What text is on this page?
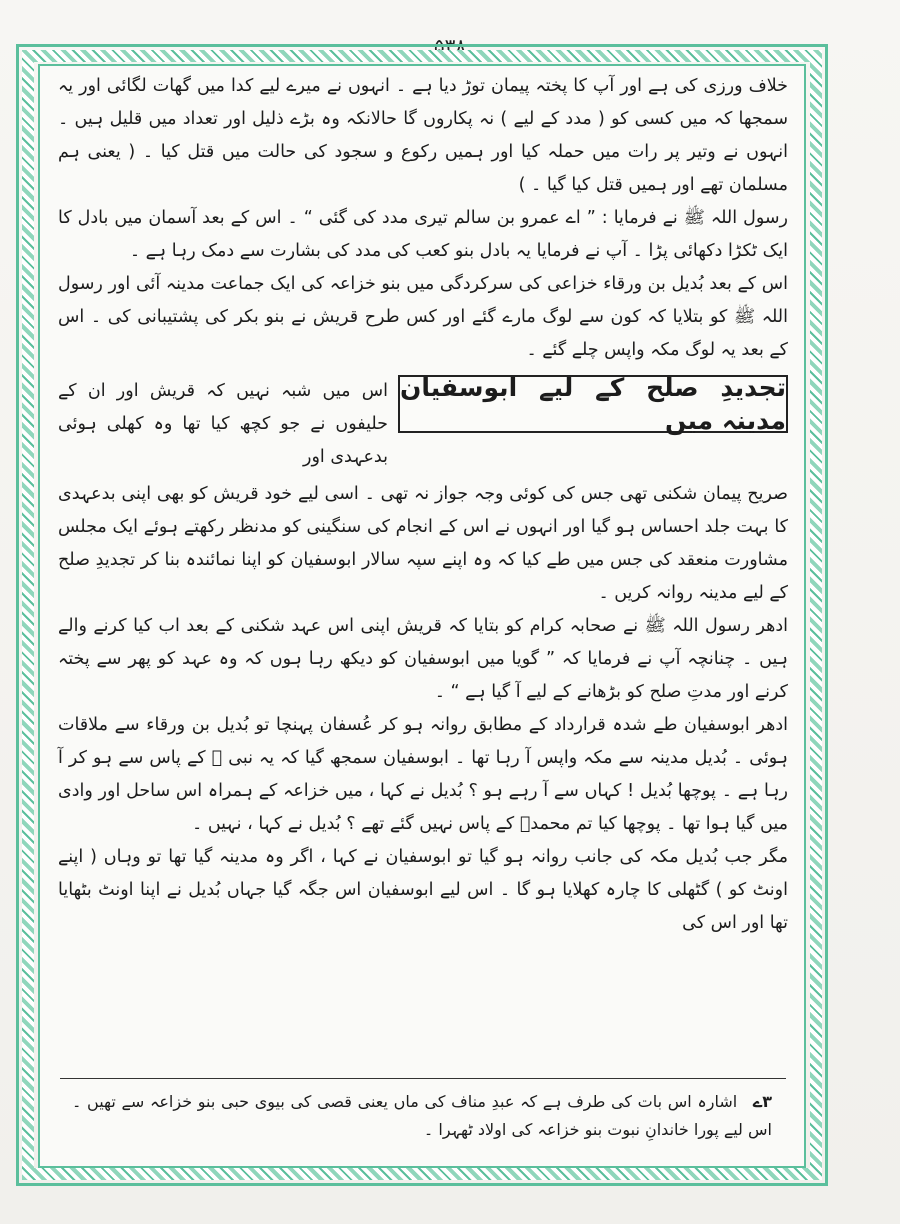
۵۳۸

خلاف ورزی کی ہے اور آپ کا پختہ پیمان توڑ دیا ہے ۔ انہوں نے میرے لیے کدا میں گھات لگائی اور یہ سمجھا کہ میں کسی کو ( مدد کے لیے ) نہ پکاروں گا حالانکہ وہ بڑے ذلیل اور تعداد میں قلیل ہیں ۔ انہوں نے وتیر پر رات میں حملہ کیا اور ہمیں رکوع و سجود کی حالت میں قتل کیا ۔ ( یعنی ہم مسلمان تھے اور ہمیں قتل کیا گیا ۔ )

رسول اللہ ﷺ نے فرمایا : ” اے عمرو بن سالم تیری مدد کی گئی “ ۔ اس کے بعد آسمان میں بادل کا ایک ٹکڑا دکھائی پڑا ۔ آپ نے فرمایا یہ بادل بنو کعب کی مدد کی بشارت سے دمک رہا ہے ۔

اس کے بعد بُدیل بن ورقاء خزاعی کی سرکردگی میں بنو خزاعہ کی ایک جماعت مدینہ آئی اور رسول اللہ ﷺ کو بتلایا کہ کون سے لوگ مارے گئے اور کس طرح قریش نے بنو بکر کی پشتیبانی کی ۔ اس کے بعد یہ لوگ مکہ واپس چلے گئے ۔

تجدیدِ صلح کے لیے ابوسفیان مدینہ میں
اس میں شبہ نہیں کہ قریش اور ان کے حلیفوں نے جو کچھ کیا تھا وہ کھلی ہوئی بدعہدی اور

صریح پیمان شکنی تھی جس کی کوئی وجہ جواز نہ تھی ۔ اسی لیے خود قریش کو بھی اپنی بدعہدی کا بہت جلد احساس ہو گیا اور انہوں نے اس کے انجام کی سنگینی کو مدنظر رکھتے ہوئے ایک مجلس مشاورت منعقد کی جس میں طے کیا کہ وہ اپنے سپہ سالار ابوسفیان کو اپنا نمائندہ بنا کر تجدیدِ صلح کے لیے مدینہ روانہ کریں ۔

ادھر رسول اللہ ﷺ نے صحابہ کرام کو بتایا کہ قریش اپنی اس عہد شکنی کے بعد اب کیا کرنے والے ہیں ۔ چنانچہ آپ نے فرمایا کہ ” گویا میں ابوسفیان کو دیکھ رہا ہوں کہ وہ عہد کو پھر سے پختہ کرنے اور مدتِ صلح کو بڑھانے کے لیے آ گیا ہے “ ۔

ادھر ابوسفیان طے شدہ قرارداد کے مطابق روانہ ہو کر عُسفان پہنچا تو بُدیل بن ورقاء سے ملاقات ہوئی ۔ بُدیل مدینہ سے مکہ واپس آ رہا تھا ۔ ابوسفیان سمجھ گیا کہ یہ نبی ﷺ کے پاس سے ہو کر آ رہا ہے ۔ پوچھا بُدیل ! کہاں سے آ رہے ہو ؟ بُدیل نے کہا ، میں خزاعہ کے ہمراہ اس ساحل اور وادی میں گیا ہوا تھا ۔ پوچھا کیا تم محمدؐ کے پاس نہیں گئے تھے ؟ بُدیل نے کہا ، نہیں ۔

مگر جب بُدیل مکہ کی جانب روانہ ہو گیا تو ابوسفیان نے کہا ، اگر وہ مدینہ گیا تھا تو وہاں ( اپنے اونٹ کو ) گٹھلی کا چارہ کھلایا ہو گا ۔ اس لیے ابوسفیان اس جگہ گیا جہاں بُدیل نے اپنا اونٹ بٹھایا تھا اور اس کی

۳ے اشارہ اس بات کی طرف ہے کہ عبدِ مناف کی ماں یعنی قصی کی بیوی حبی بنو خزاعہ سے تھیں ۔ اس لیے پورا خاندانِ نبوت بنو خزاعہ کی اولاد ٹھہرا ۔
